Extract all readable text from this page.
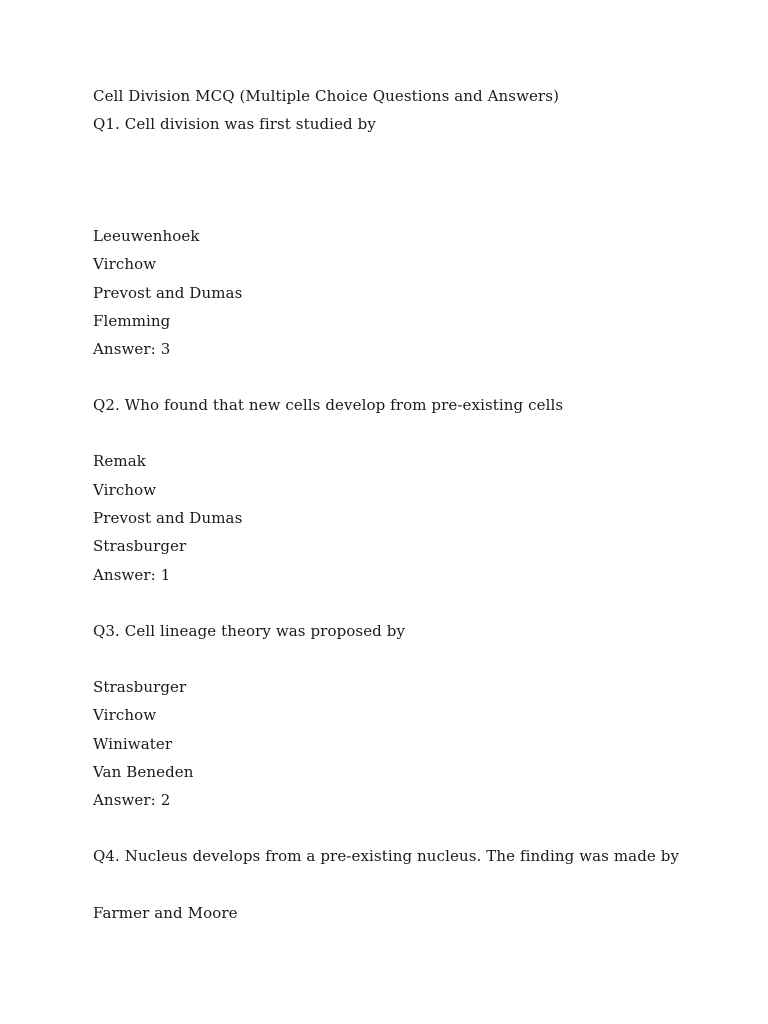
Cell Division MCQ (Multiple Choice Questions and Answers)
Q1. Cell division was first studied by
Leeuwenhoek
Virchow
Prevost and Dumas
Flemming
Answer: 3
Q2. Who found that new cells develop from pre-existing cells
Remak
Virchow
Prevost and Dumas
Strasburger
Answer: 1
Q3. Cell lineage theory was proposed by
Strasburger
Virchow
Winiwater
Van Beneden
Answer: 2
Q4. Nucleus develops from a pre-existing nucleus. The finding was made by
Farmer and Moore
